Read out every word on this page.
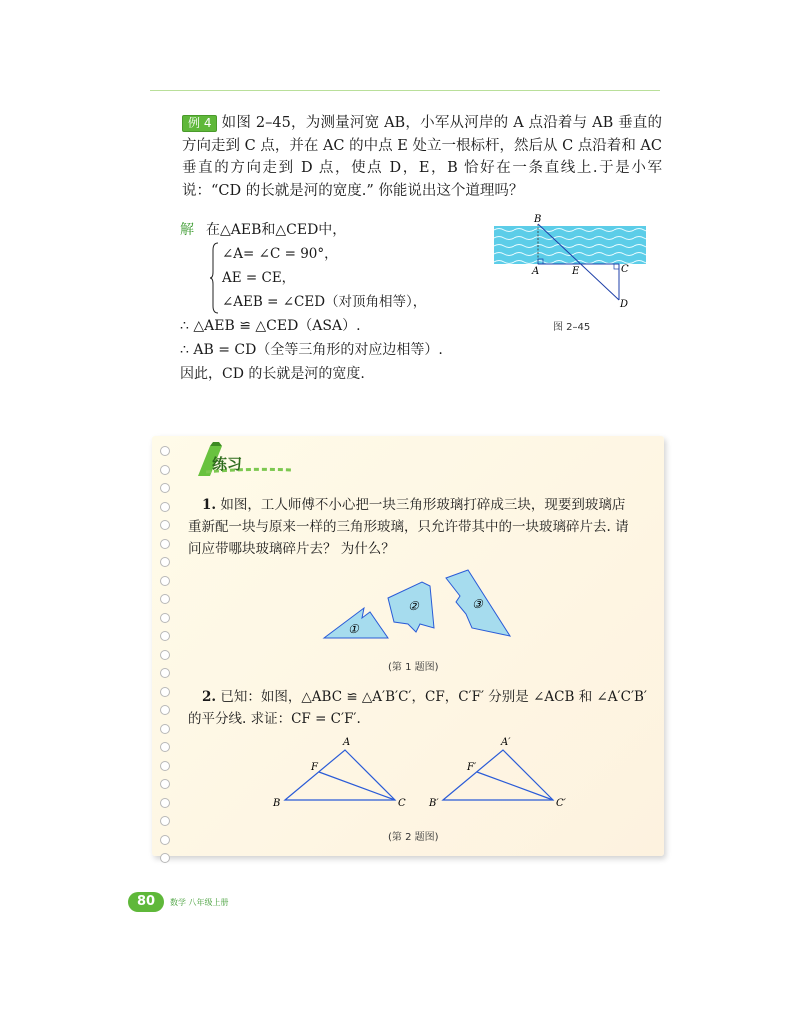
例 4 如图 2–45，为测量河宽 AB，小军从河岸的 A 点沿着与 AB 垂直的方向走到 C 点，并在 AC 的中点 E 处立一根标杆，然后从 C 点沿着和 AC 垂直的方向走到 D 点，使点 D，E，B 恰好在一条直线上.于是小军说：“CD 的长就是河的宽度.” 你能说出这个道理吗？
解 在△AEB和△CED中，
∠A= ∠C = 90°，
AE = CE，
∠AEB = ∠CED（对顶角相等），
∴ △AEB ≌ △CED（ASA）.
∴ AB = CD（全等三角形的对应边相等）.
因此，CD 的长就是河的宽度.
B
A	E	C
D
图 2–45
练习
1. 如图，工人师傅不小心把一块三角形玻璃打碎成三块，现要到玻璃店重新配一块与原来一样的三角形玻璃，只允许带其中的一块玻璃碎片去. 请问应带哪块玻璃碎片去？ 为什么？
①
②	③
(第 1 题图)
2. 已知：如图，△ABC ≌ △A′B′C′，CF，C′F′ 分别是 ∠ACB 和 ∠A′C′B′ 的平分线. 求证：CF = C′F′.
A
F
B	C
A′
F′
B′	C′
(第 2 题图)
80	数学 八年级上册
